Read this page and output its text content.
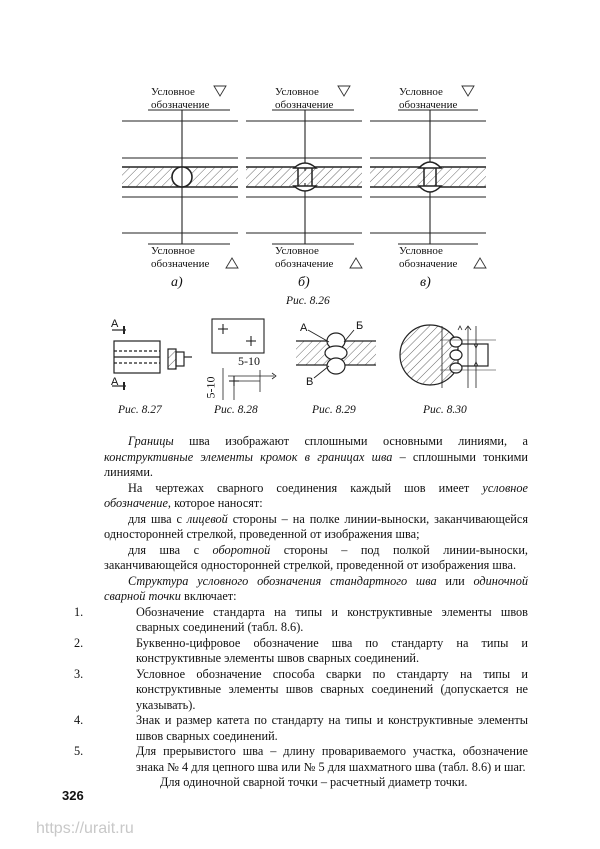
Условное
обозначение
Условное
обозначение
Условное
обозначение
Условное
обозначение
Условное
обозначение
Условное
обозначение
а)	б)	в)
Рис. 8.26
А
А
Рис. 8.27
5-10
5-10
Рис. 8.28
А	Б
В
Рис. 8.29	Рис. 8.30

Границы шва изображают сплошными основными линиями, а конструктивные элементы кромок в границах шва – сплошными тонкими линиями.

На чертежах сварного соединения каждый шов имеет условное обозначение, которое наносят:

для шва с лицевой стороны – на полке линии-выноски, заканчивающейся односторонней стрелкой, проведенной от изображения шва;

для шва с оборотной стороны – под полкой линии-выноски, заканчивающейся односторонней стрелкой, проведенной от изображения шва.

Структура условного обозначения стандартного шва или одиночной сварной точки включает:

1.	Обозначение стандарта на типы и конструктивные элементы швов сварных соединений (табл. 8.6).
2.	Буквенно-цифровое обозначение шва по стандарту на типы и конструктивные элементы швов сварных соединений.
3.	Условное обозначение способа сварки по стандарту на типы и конструктивные элементы швов сварных соединений (допускается не указывать).
4.	Знак и размер катета по стандарту на типы и конструктивные элементы швов сварных соединений.
5.	Для прерывистого шва – длину провариваемого участка, обозначение знака № 4 для цепного шва или № 5 для шахматного шва (табл. 8.6) и шаг.

Для одиночной сварной точки – расчетный диаметр точки.

326
https://urait.ru
